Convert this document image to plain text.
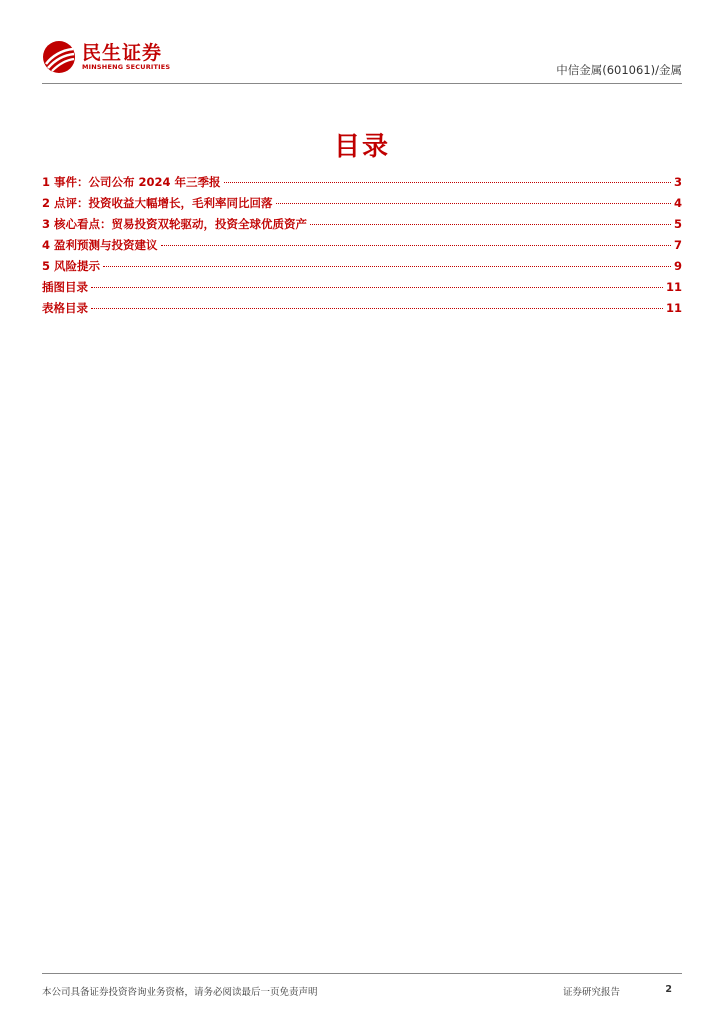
民生证券
MINSHENG SECURITIES	中信金属(601061)/金属
目录
1 事件：公司公布 2024 年三季报	3
2 点评：投资收益大幅增长，毛利率同比回落	4
3 核心看点：贸易投资双轮驱动，投资全球优质资产	5
4 盈利预测与投资建议	7
5 风险提示	9
插图目录	11
表格目录	11
本公司具备证券投资咨询业务资格，请务必阅读最后一页免责声明	证券研究报告	2
